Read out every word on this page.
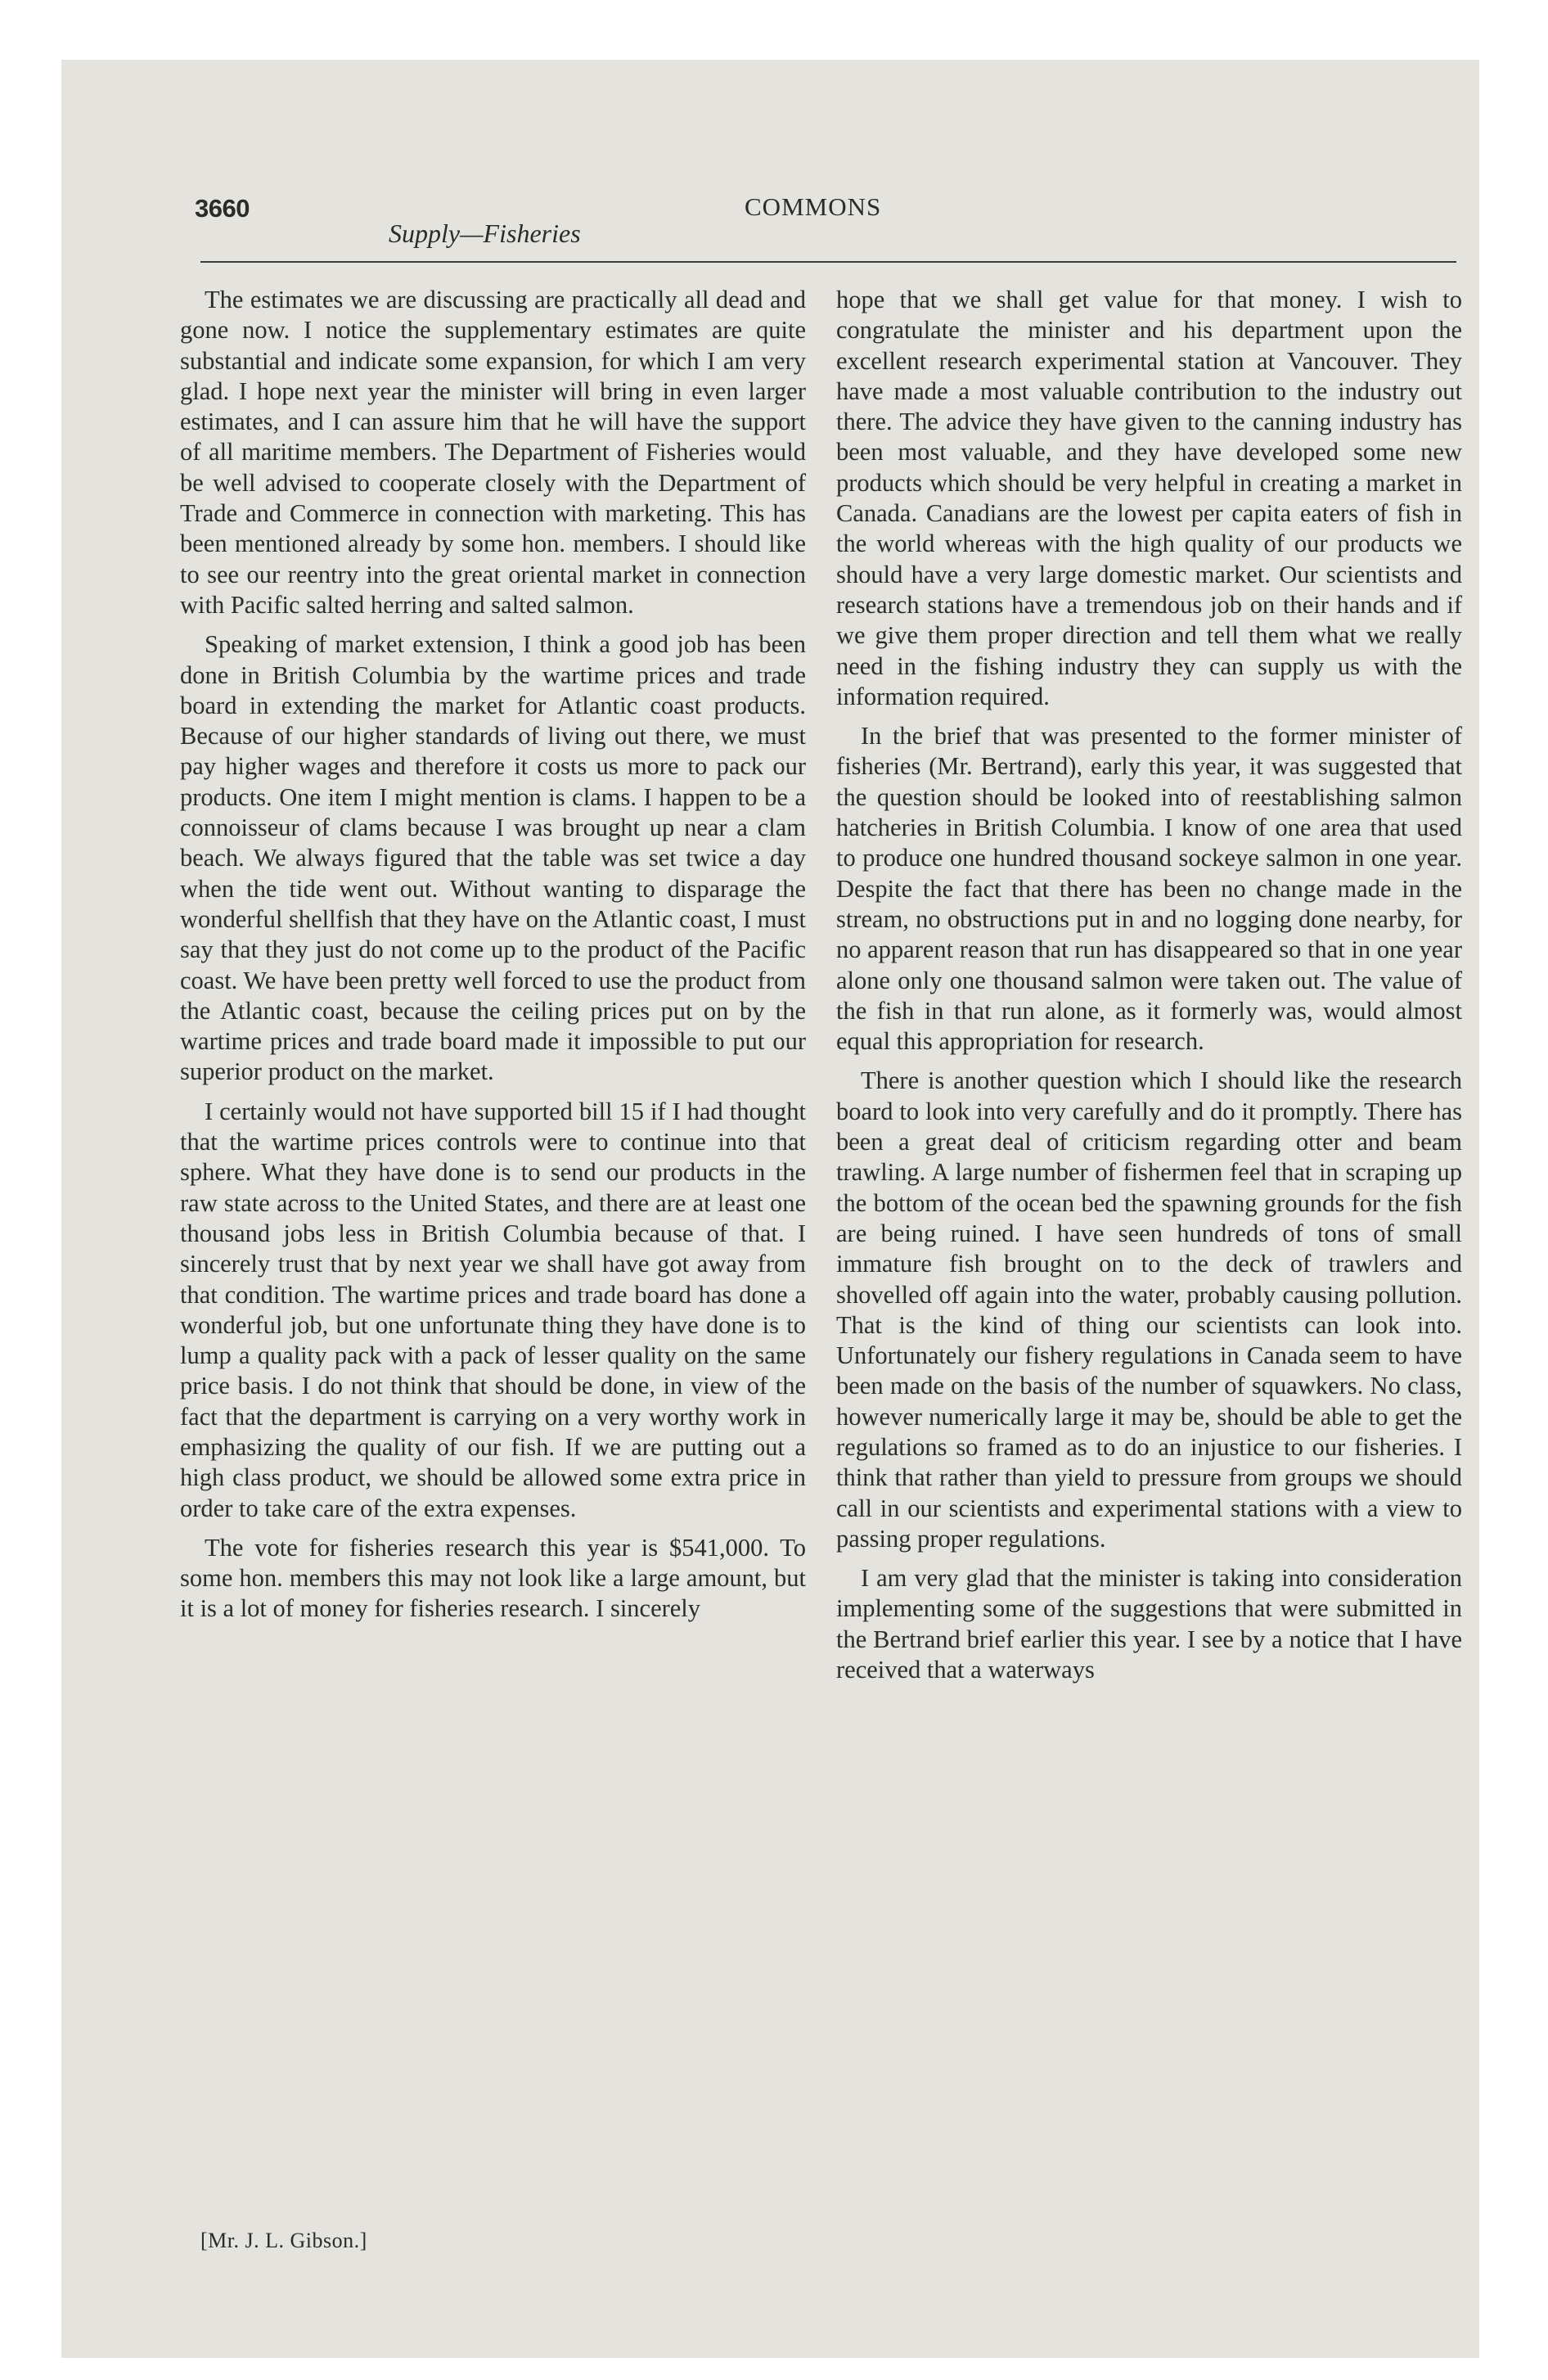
3660
Supply—Fisheries
COMMONS

The estimates we are discussing are practically all dead and gone now. I notice the supplementary estimates are quite substantial and indicate some expansion, for which I am very glad. I hope next year the minister will bring in even larger estimates, and I can assure him that he will have the support of all maritime members. The Department of Fisheries would be well advised to cooperate closely with the Department of Trade and Commerce in connection with marketing. This has been mentioned already by some hon. members. I should like to see our reentry into the great oriental market in connection with Pacific salted herring and salted salmon.

Speaking of market extension, I think a good job has been done in British Columbia by the wartime prices and trade board in extending the market for Atlantic coast products. Because of our higher standards of living out there, we must pay higher wages and therefore it costs us more to pack our products. One item I might mention is clams. I happen to be a connoisseur of clams because I was brought up near a clam beach. We always figured that the table was set twice a day when the tide went out. Without wanting to disparage the wonderful shellfish that they have on the Atlantic coast, I must say that they just do not come up to the product of the Pacific coast. We have been pretty well forced to use the product from the Atlantic coast, because the ceiling prices put on by the wartime prices and trade board made it impossible to put our superior product on the market.

I certainly would not have supported bill 15 if I had thought that the wartime prices controls were to continue into that sphere. What they have done is to send our products in the raw state across to the United States, and there are at least one thousand jobs less in British Columbia because of that. I sincerely trust that by next year we shall have got away from that condition. The wartime prices and trade board has done a wonderful job, but one unfortunate thing they have done is to lump a quality pack with a pack of lesser quality on the same price basis. I do not think that should be done, in view of the fact that the department is carrying on a very worthy work in emphasizing the quality of our fish. If we are putting out a high class product, we should be allowed some extra price in order to take care of the extra expenses.

The vote for fisheries research this year is $541,000. To some hon. members this may not look like a large amount, but it is a lot of money for fisheries research. I sincerely

hope that we shall get value for that money. I wish to congratulate the minister and his department upon the excellent research experimental station at Vancouver. They have made a most valuable contribution to the industry out there. The advice they have given to the canning industry has been most valuable, and they have developed some new products which should be very helpful in creating a market in Canada. Canadians are the lowest per capita eaters of fish in the world whereas with the high quality of our products we should have a very large domestic market. Our scientists and research stations have a tremendous job on their hands and if we give them proper direction and tell them what we really need in the fishing industry they can supply us with the information required.

In the brief that was presented to the former minister of fisheries (Mr. Bertrand), early this year, it was suggested that the question should be looked into of reestablishing salmon hatcheries in British Columbia. I know of one area that used to produce one hundred thousand sockeye salmon in one year. Despite the fact that there has been no change made in the stream, no obstructions put in and no logging done nearby, for no apparent reason that run has disappeared so that in one year alone only one thousand salmon were taken out. The value of the fish in that run alone, as it formerly was, would almost equal this appropriation for research.

There is another question which I should like the research board to look into very carefully and do it promptly. There has been a great deal of criticism regarding otter and beam trawling. A large number of fishermen feel that in scraping up the bottom of the ocean bed the spawning grounds for the fish are being ruined. I have seen hundreds of tons of small immature fish brought on to the deck of trawlers and shovelled off again into the water, probably causing pollution. That is the kind of thing our scientists can look into. Unfortunately our fishery regulations in Canada seem to have been made on the basis of the number of squawkers. No class, however numerically large it may be, should be able to get the regulations so framed as to do an injustice to our fisheries. I think that rather than yield to pressure from groups we should call in our scientists and experimental stations with a view to passing proper regulations.

I am very glad that the minister is taking into consideration implementing some of the suggestions that were submitted in the Bertrand brief earlier this year. I see by a notice that I have received that a waterways

[Mr. J. L. Gibson.]
